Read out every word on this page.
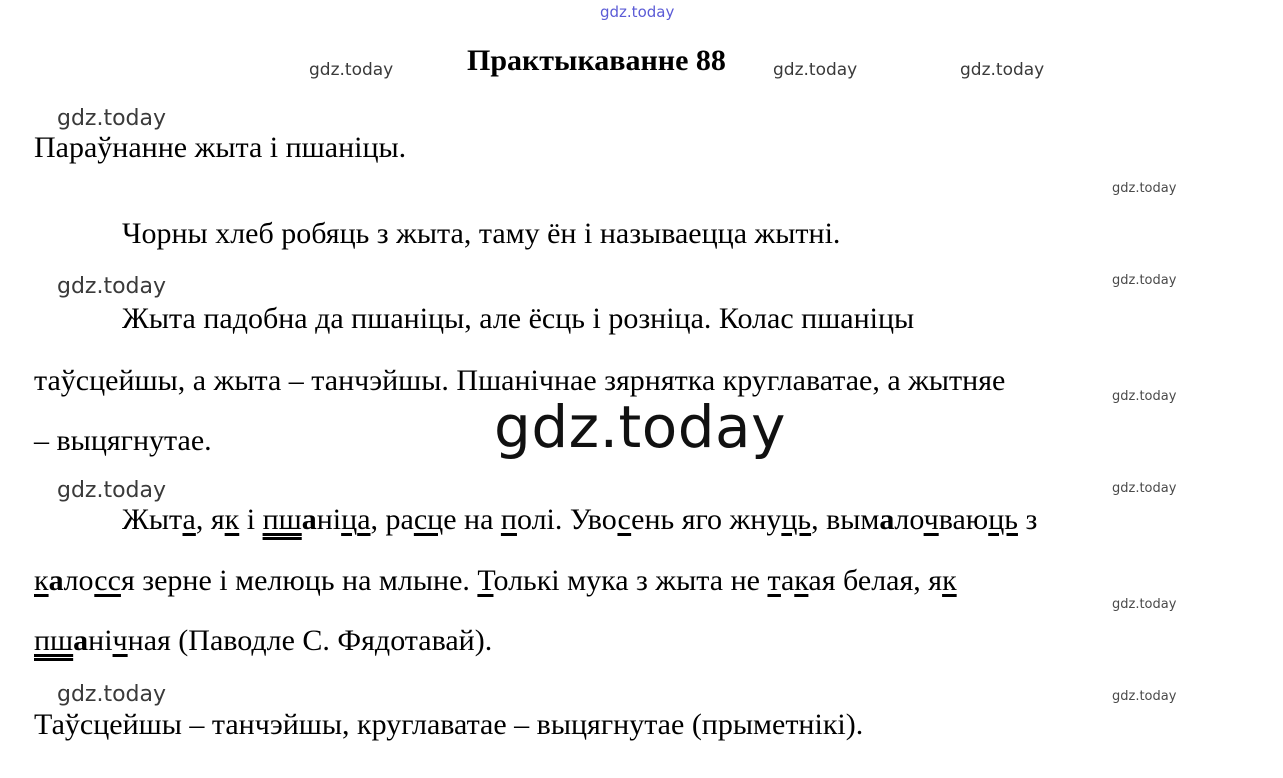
gdz.today
gdz.today	gdz.today	gdz.today
gdz.today
gdz.today
gdz.today
gdz.today
gdz.today
gdz.today
gdz.today
gdz.today
gdz.today
gdz.today
gdz.today
Практыкаванне 88
Параўнанне жыта і пшаніцы.
Чорны хлеб робяць з жыта, таму ён і называецца жытні.
Жыта падобна да пшаніцы, але ёсць і розніца. Колас пшаніцы
таўсцейшы, а жыта – танчэйшы. Пшанічнае зярнятка круглаватае, а жытняе
– выцягнутае.
Жыта, як і пшаніца, расце на полі. Увосень яго жнуць, вымалочваюць з
калосся зерне і мелюць на млыне. Толькі мука з жыта не такая белая, як
пшанічная (Паводле С. Фядотавай).
Таўсцейшы – танчэйшы, круглаватае – выцягнутае (прыметнікі).
